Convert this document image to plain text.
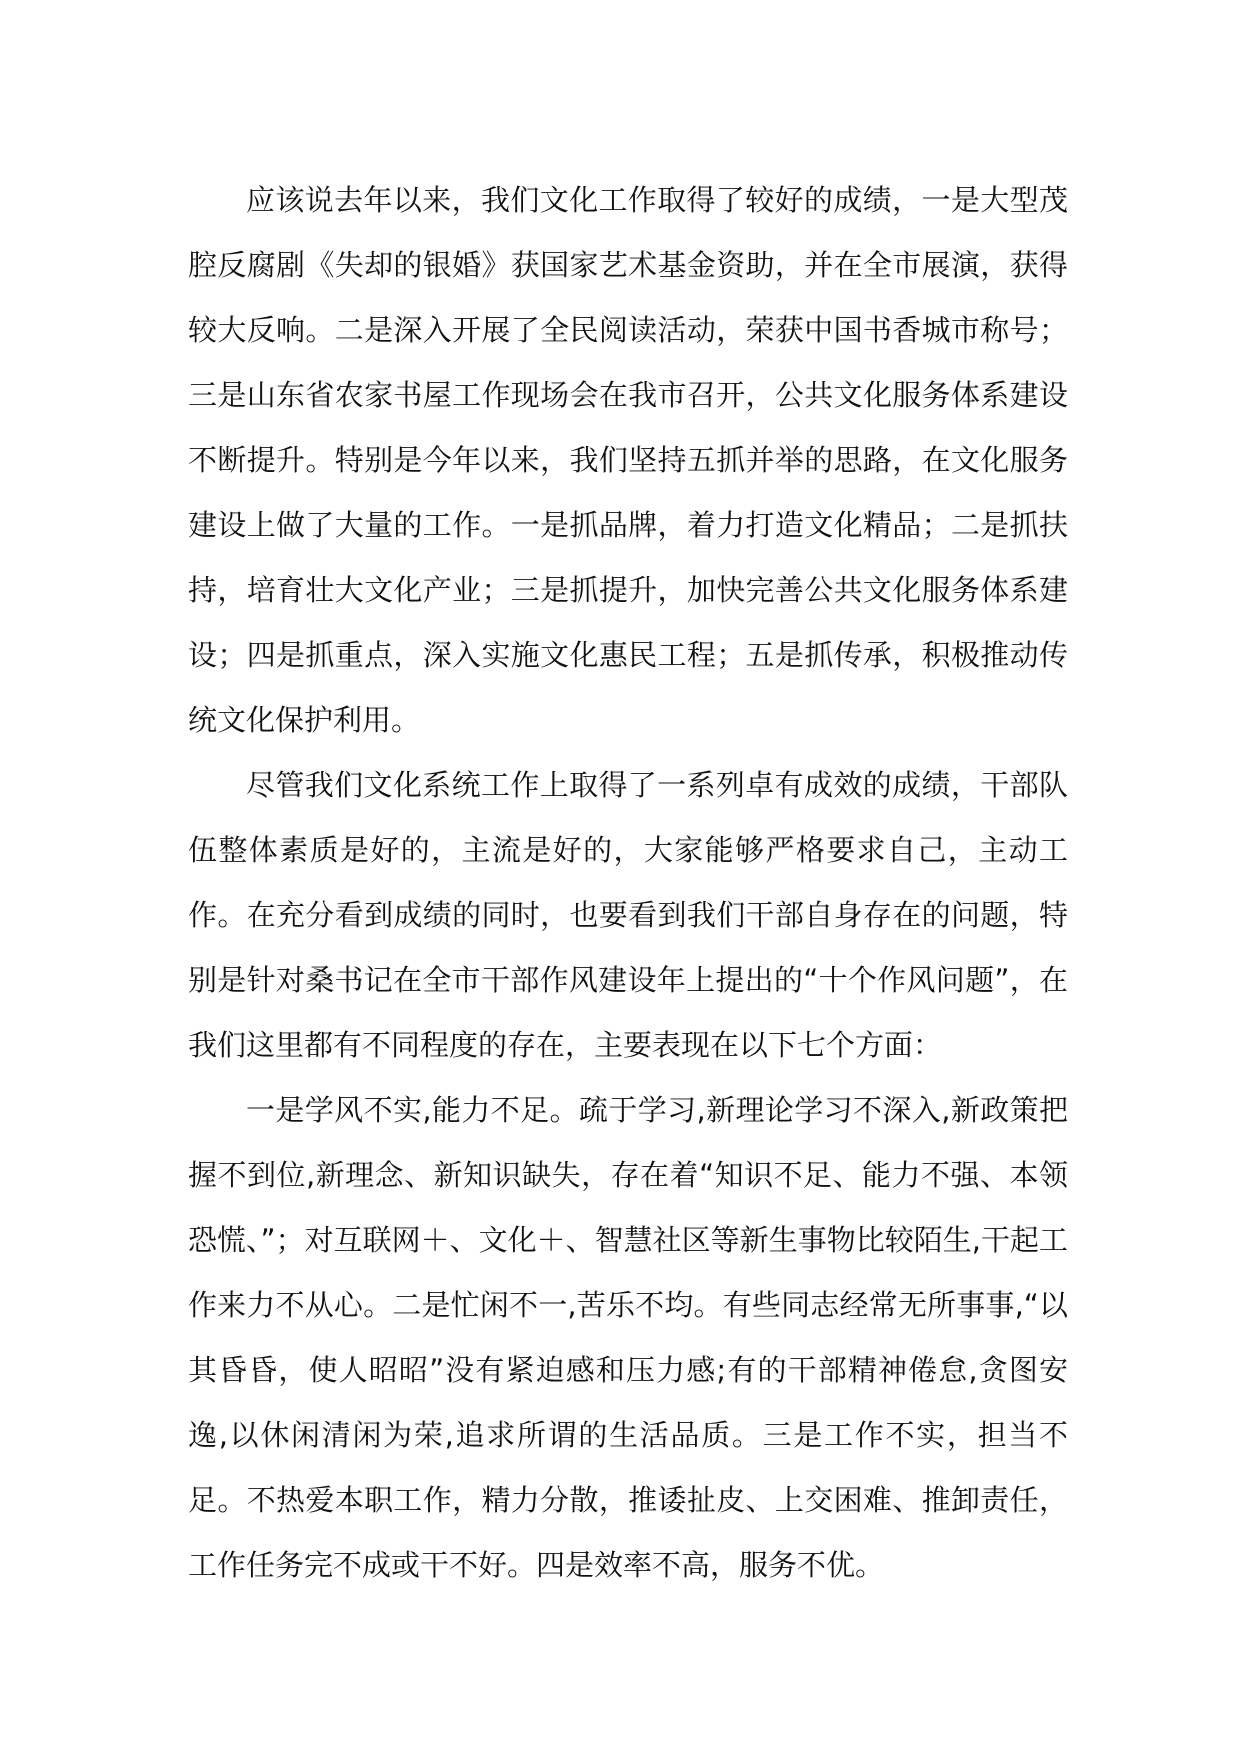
应该说去年以来，我们文化工作取得了较好的成绩，一是大型茂腔反腐剧《失却的银婚》获国家艺术基金资助，并在全市展演，获得较大反响。二是深入开展了全民阅读活动，荣获中国书香城市称号；三是山东省农家书屋工作现场会在我市召开，公共文化服务体系建设不断提升。特别是今年以来，我们坚持五抓并举的思路，在文化服务建设上做了大量的工作。一是抓品牌，着力打造文化精品；二是抓扶持，培育壮大文化产业；三是抓提升，加快完善公共文化服务体系建设；四是抓重点，深入实施文化惠民工程；五是抓传承，积极推动传统文化保护利用。

尽管我们文化系统工作上取得了一系列卓有成效的成绩，干部队伍整体素质是好的，主流是好的，大家能够严格要求自己，主动工作。在充分看到成绩的同时，也要看到我们干部自身存在的问题，特别是针对桑书记在全市干部作风建设年上提出的“十个作风问题”，在我们这里都有不同程度的存在，主要表现在以下七个方面：

一是学风不实,能力不足。疏于学习,新理论学习不深入,新政策把握不到位,新理念、新知识缺失，存在着“知识不足、能力不强、本领恐慌、”；对互联网＋、文化＋、智慧社区等新生事物比较陌生,干起工作来力不从心。二是忙闲不一,苦乐不均。有些同志经常无所事事,“以其昏昏，使人昭昭”没有紧迫感和压力感;有的干部精神倦怠,贪图安逸,以休闲清闲为荣,追求所谓的生活品质。三是工作不实，担当不足。不热爱本职工作，精力分散，推诿扯皮、上交困难、推卸责任，工作任务完不成或干不好。四是效率不高，服务不优。
